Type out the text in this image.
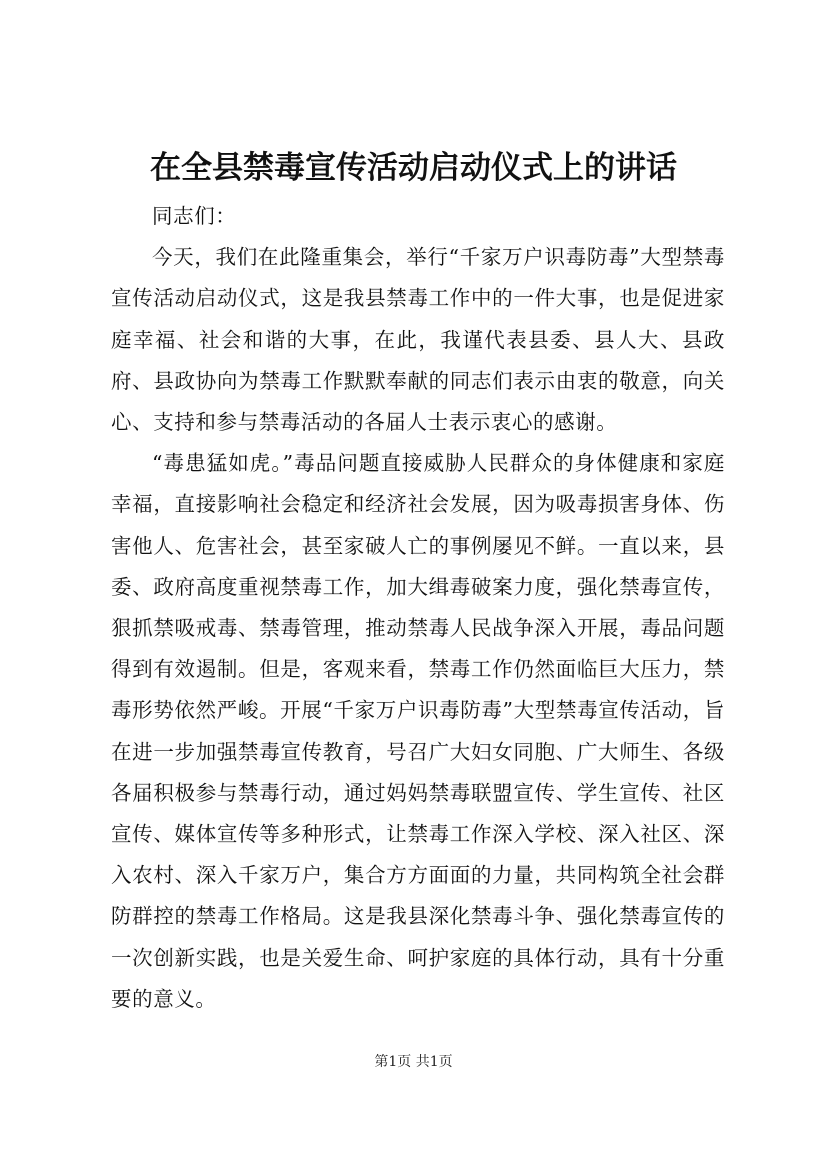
在全县禁毒宣传活动启动仪式上的讲话

同志们：

今天，我们在此隆重集会，举行“千家万户识毒防毒”大型禁毒宣传活动启动仪式，这是我县禁毒工作中的一件大事，也是促进家庭幸福、社会和谐的大事，在此，我谨代表县委、县人大、县政府、县政协向为禁毒工作默默奉献的同志们表示由衷的敬意，向关心、支持和参与禁毒活动的各届人士表示衷心的感谢。

“毒患猛如虎。”毒品问题直接威胁人民群众的身体健康和家庭幸福，直接影响社会稳定和经济社会发展，因为吸毒损害身体、伤害他人、危害社会，甚至家破人亡的事例屡见不鲜。一直以来，县委、政府高度重视禁毒工作，加大缉毒破案力度，强化禁毒宣传，狠抓禁吸戒毒、禁毒管理，推动禁毒人民战争深入开展，毒品问题得到有效遏制。但是，客观来看，禁毒工作仍然面临巨大压力，禁毒形势依然严峻。开展“千家万户识毒防毒”大型禁毒宣传活动，旨在进一步加强禁毒宣传教育，号召广大妇女同胞、广大师生、各级各届积极参与禁毒行动，通过妈妈禁毒联盟宣传、学生宣传、社区宣传、媒体宣传等多种形式，让禁毒工作深入学校、深入社区、深入农村、深入千家万户，集合方方面面的力量，共同构筑全社会群防群控的禁毒工作格局。这是我县深化禁毒斗争、强化禁毒宣传的一次创新实践，也是关爱生命、呵护家庭的具体行动，具有十分重要的意义。

第1页 共1页
